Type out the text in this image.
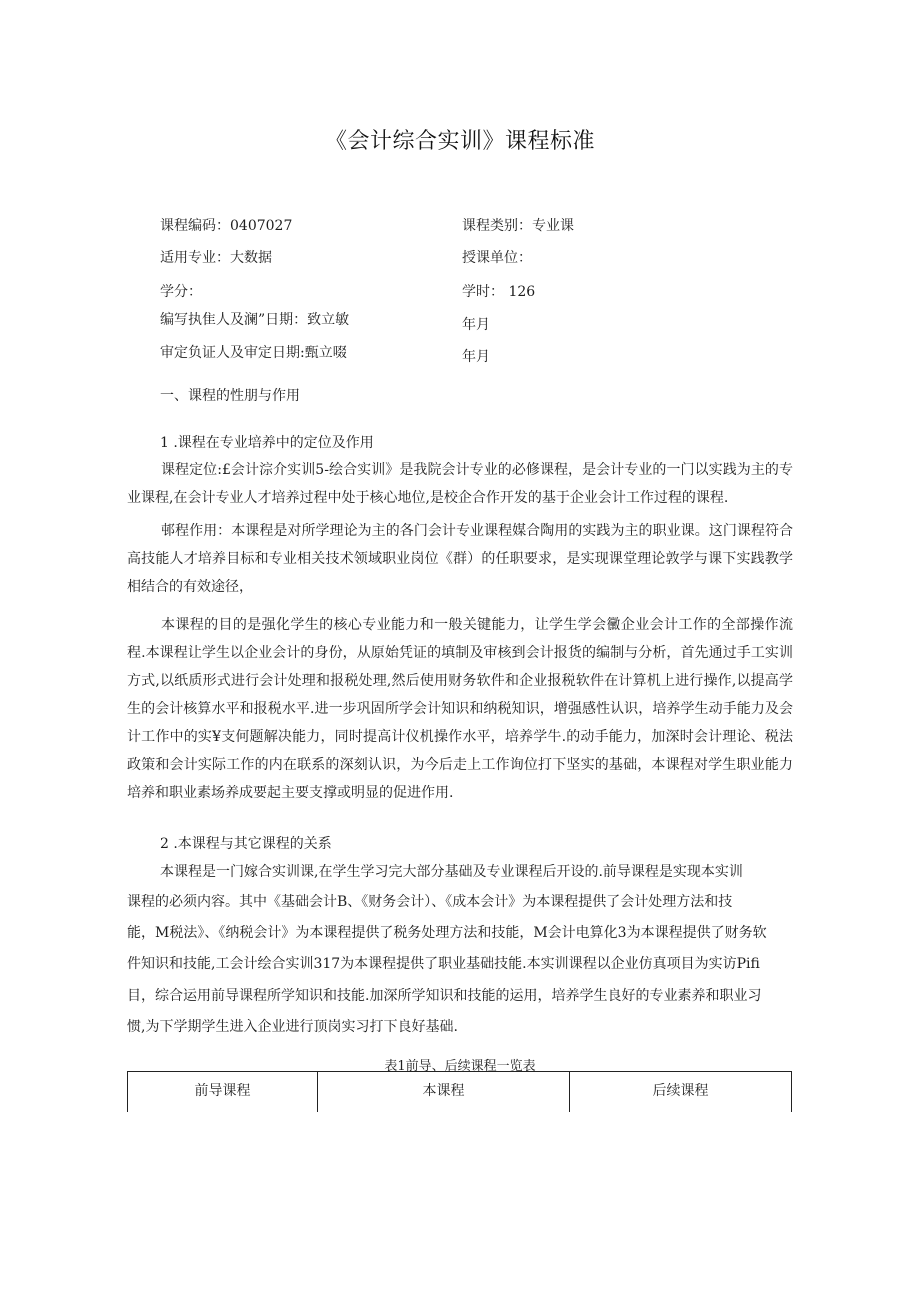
《会计综合实训》课程标准
课程编码：0407027	课程类别：专业课
适用专业：大数据	授课单位：
学分：	学时： 126
编写执隹人及澜”日期：致立敏	年月
审定负证人及审定日期:甄立啜	年月
一、课程的性朋与作用
1 .课程在专业培养中的定位及作用

课程定位:£会计淙介实训5-绘合实训》是我院会计专业的必修课程，是会计专业的一门以实践为主的专业课程,在会计专业人才培养过程中处于核心地位,是校企合作开发的基于企业会计工作过程的课程.

邨程作用：本课程是对所学理论为主的各门会计专业课程媒合陶用的实践为主的职业课。这门课程符合高技能人才培养目标和专业相关技术领域职业岗位《群）的任职要求，是实现课堂理论敦学与课下实践教学相结合的有效途径，

本课程的目的是强化学生的核心专业能力和一般关键能力，让学生学会黴企业会计工作的全部操作流程.本课程让学生以企业会计的身份，从原始凭证的填制及审核到会计报货的编制与分析，首先通过手工实训方式,以纸质形式进行会计处理和报税处理,然后使用财务软件和企业报税软件在计算机上进行操作,以提高学生的会计核算水平和报税水平.进一步巩固所学会计知识和纳税知识，增强感性认识，培养学生动手能力及会计工作中的实¥支何题解决能力，同时提高计仪机操作水平，培养学牛.的动手能力，加深时会计理论、税法政策和会计实际工作的内在联系的深刻认识，为今后走上工作询位打下坚实的基础，本课程对学生职业能力培养和职业素场养成要起主要支撑或明显的促进作用.

2 .本课程与其它课程的关系
本课程是一门嫁合实训课,在学生学习完大部分基础及专业课程后开设的.前导课程是实现本实训
课程的必须内容。其中《基础会计B、《财务会计）、《成本会计》为本课程提供了会计处理方法和技
能，M税法》、《纳税会计》为本课程提供了税务处理方法和技能，M会计电算化3为本课程提供了财务软
件知识和技能,工会计绘合实训317为本课程提供了职业基础技能.本实训课程以企业仿真项目为实访Pifi
目，综合运用前导课程所学知识和技能.加深所学知识和技能的运用，培养学生良好的专业素养和职业习
惯,为下学期学生进入企业进行顶岗实习打下良好基础.
表1前导、后续课程一览表
前导课程	本课程	后续课程
